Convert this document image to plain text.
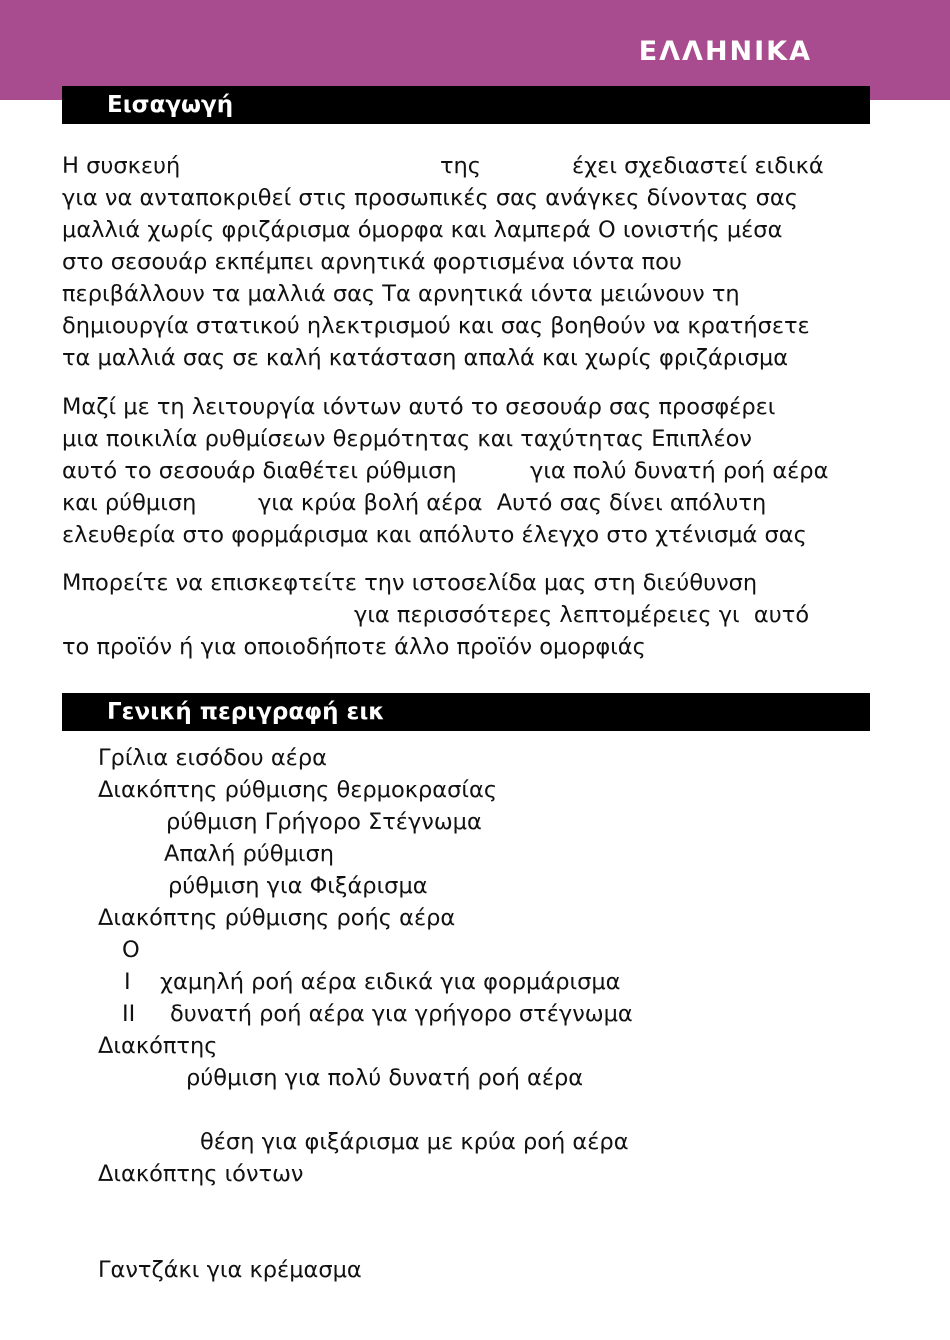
ΕΛΛΗΝΙΚΑ
Εισαγωγή
Η συσκευή	της	έχει σχεδιαστεί ειδικά
για να ανταποκριθεί στις προσωπικές σας ανάγκες δίνοντας σας
μαλλιά χωρίς φριζάρισμα όμορφα και λαμπερά Ο ιονιστής μέσα
στο σεσουάρ εκπέμπει αρνητικά φορτισμένα ιόντα που
περιβάλλουν τα μαλλιά σας Τα αρνητικά ιόντα μειώνουν τη
δημιουργία στατικού ηλεκτρισμού και σας βοηθούν να κρατήσετε
τα μαλλιά σας σε καλή κατάσταση απαλά και χωρίς φριζάρισμα
Μαζί με τη λειτουργία ιόντων αυτό το σεσουάρ σας προσφέρει
μια ποικιλία ρυθμίσεων θερμότητας και ταχύτητας Επιπλέον
αυτό το σεσουάρ διαθέτει ρύθμιση	για πολύ δυνατή ροή αέρα
και ρύθμιση	για κρύα βολή αέρα  Αυτό σας δίνει απόλυτη
ελευθερία στο φορμάρισμα και απόλυτο έλεγχο στο χτένισμά σας
Μπορείτε να επισκεφτείτε την ιστοσελίδα μας στη διεύθυνση
για περισσότερες λεπτομέρειες γι  αυτό
το προϊόν ή για οποιοδήποτε άλλο προϊόν ομορφιάς
Γενική περιγραφή εικ
Γρίλια εισόδου αέρα
Διακόπτης ρύθμισης θερμοκρασίας
ρύθμιση Γρήγορο Στέγνωμα
Απαλή ρύθμιση
ρύθμιση για Φιξάρισμα
Διακόπτης ρύθμισης ροής αέρα
O
I χαμηλή ροή αέρα ειδικά για φορμάρισμα
II δυνατή ροή αέρα για γρήγορο στέγνωμα
Διακόπτης
ρύθμιση για πολύ δυνατή ροή αέρα
θέση για φιξάρισμα με κρύα ροή αέρα
Διακόπτης ιόντων
Γαντζάκι για κρέμασμα
